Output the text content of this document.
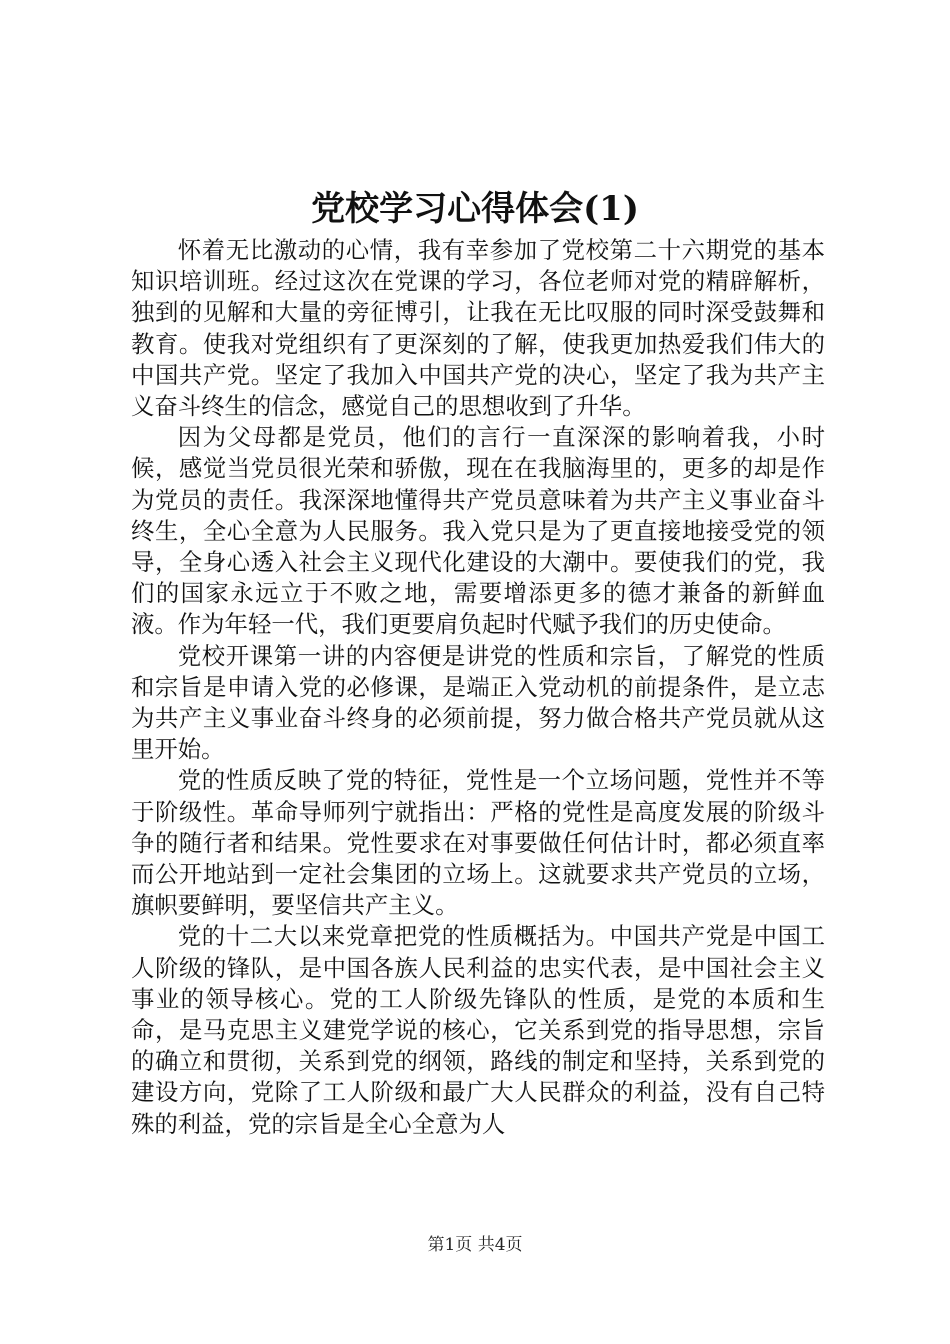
党校学习心得体会(1)

怀着无比激动的心情，我有幸参加了党校第二十六期党的基本知识培训班。经过这次在党课的学习，各位老师对党的精辟解析，独到的见解和大量的旁征博引，让我在无比叹服的同时深受鼓舞和教育。使我对党组织有了更深刻的了解，使我更加热爱我们伟大的中国共产党。坚定了我加入中国共产党的决心，坚定了我为共产主义奋斗终生的信念，感觉自己的思想收到了升华。

因为父母都是党员，他们的言行一直深深的影响着我，小时候，感觉当党员很光荣和骄傲，现在在我脑海里的，更多的却是作为党员的责任。我深深地懂得共产党员意味着为共产主义事业奋斗终生，全心全意为人民服务。我入党只是为了更直接地接受党的领导，全身心透入社会主义现代化建设的大潮中。要使我们的党，我们的国家永远立于不败之地，需要增添更多的德才兼备的新鲜血液。作为年轻一代，我们更要肩负起时代赋予我们的历史使命。

党校开课第一讲的内容便是讲党的性质和宗旨，了解党的性质和宗旨是申请入党的必修课，是端正入党动机的前提条件，是立志为共产主义事业奋斗终身的必须前提，努力做合格共产党员就从这里开始。

党的性质反映了党的特征，党性是一个立场问题，党性并不等于阶级性。革命导师列宁就指出：严格的党性是高度发展的阶级斗争的随行者和结果。党性要求在对事要做任何估计时，都必须直率而公开地站到一定社会集团的立场上。这就要求共产党员的立场，旗帜要鲜明，要坚信共产主义。

党的十二大以来党章把党的性质概括为。中国共产党是中国工人阶级的锋队，是中国各族人民利益的忠实代表，是中国社会主义事业的领导核心。党的工人阶级先锋队的性质，是党的本质和生命，是马克思主义建党学说的核心，它关系到党的指导思想，宗旨的确立和贯彻，关系到党的纲领，路线的制定和坚持，关系到党的建设方向，党除了工人阶级和最广大人民群众的利益，没有自己特殊的利益，党的宗旨是全心全意为人

第1页 共4页
